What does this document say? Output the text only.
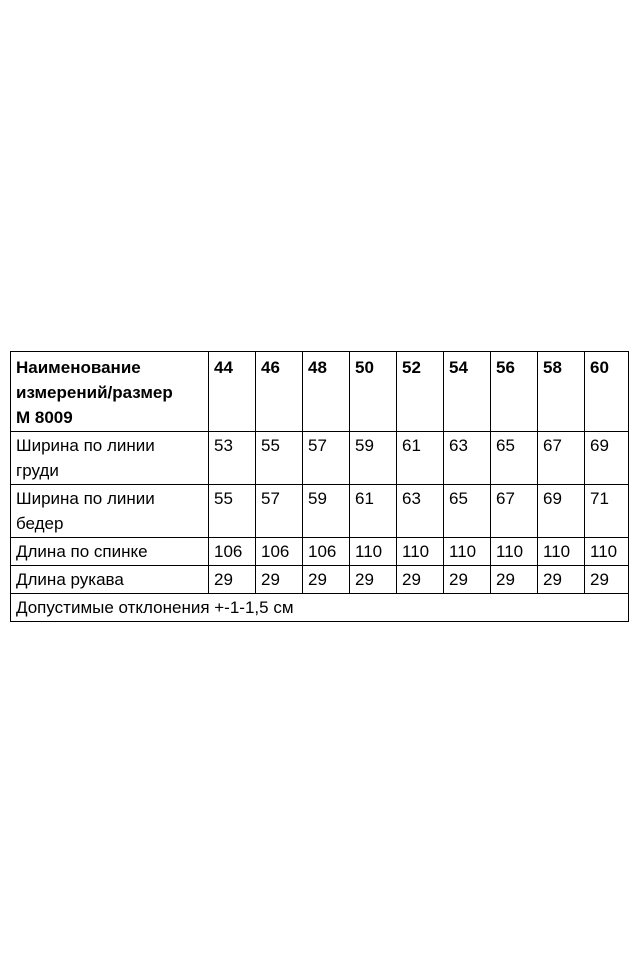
Наименование
измерений/размер
М 8009	44	46	48	50	52	54	56	58	60

Ширина по линии
груди	53	55	57	59	61	63	65	67	69

Ширина по линии
бедер	55	57	59	61	63	65	67	69	71

Длина по спинке	106	106	106	110	110	110	110	110	110

Длина рукава	29	29	29	29	29	29	29	29	29
Допустимые отклонения +-1-1,5 см									
